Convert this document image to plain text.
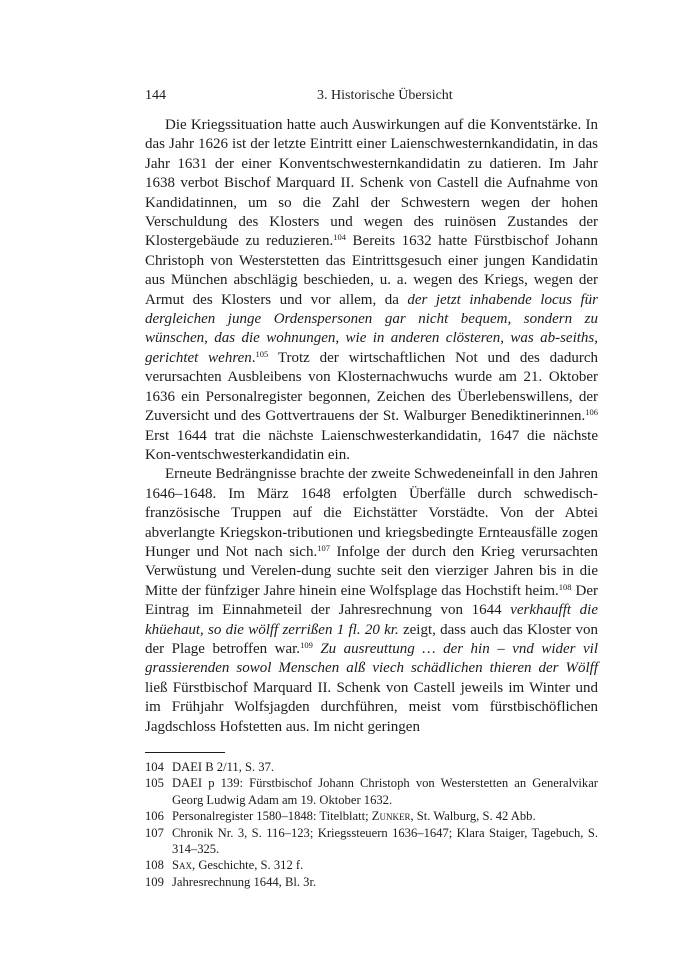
144	3. Historische Übersicht

Die Kriegssituation hatte auch Auswirkungen auf die Konventstärke. In das Jahr 1626 ist der letzte Eintritt einer Laienschwesternkandidatin, in das Jahr 1631 der einer Konventschwesternkandidatin zu datieren. Im Jahr 1638 verbot Bischof Marquard II. Schenk von Castell die Aufnahme von Kandidatinnen, um so die Zahl der Schwestern wegen der hohen Verschuldung des Klosters und wegen des ruinösen Zustandes der Klostergebäude zu reduzieren.$^{104}$ Bereits 1632 hatte Fürstbischof Johann Christoph von Westerstetten das Eintrittsgesuch einer jungen Kandidatin aus München abschlägig beschieden, u. a. wegen des Kriegs, wegen der Armut des Klosters und vor allem, da der jetzt inhabende locus für dergleichen junge Ordenspersonen gar nicht bequem, sondern zu wünschen, das die wohnungen, wie in anderen clösteren, was ab-seiths, gerichtet wehren.$^{105}$ Trotz der wirtschaftlichen Not und des dadurch verursachten Ausbleibens von Klosternachwuchs wurde am 21. Oktober 1636 ein Personalregister begonnen, Zeichen des Überlebenswillens, der Zuversicht und des Gottvertrauens der St. Walburger Benediktinerinnen.$^{106}$ Erst 1644 trat die nächste Laienschwesterkandidatin, 1647 die nächste Kon-ventschwesterkandidatin ein.

Erneute Bedrängnisse brachte der zweite Schwedeneinfall in den Jahren 1646–1648. Im März 1648 erfolgten Überfälle durch schwedisch-französische Truppen auf die Eichstätter Vorstädte. Von der Abtei abverlangte Kriegskon-tributionen und kriegsbedingte Ernteausfälle zogen Hunger und Not nach sich.$^{107}$ Infolge der durch den Krieg verursachten Verwüstung und Verelen-dung suchte seit den vierziger Jahren bis in die Mitte der fünfziger Jahre hinein eine Wolfsplage das Hochstift heim.$^{108}$ Der Eintrag im Einnahmeteil der Jahresrechnung von 1644 verkhaufft die khüehaut, so die wölff zerrißen 1 fl. 20 kr. zeigt, dass auch das Kloster von der Plage betroffen war.$^{109}$ Zu ausreuttung … der hin – vnd wider vil grassierenden sowol Menschen alß viech schädlichen thieren der Wölff ließ Fürstbischof Marquard II. Schenk von Castell jeweils im Winter und im Frühjahr Wolfsjagden durchführen, meist vom fürstbischöflichen Jagdschloss Hofstetten aus. Im nicht geringen

104 DAEI B 2/11, S. 37.
105 DAEI p 139: Fürstbischof Johann Christoph von Westerstetten an Generalvikar Georg Ludwig Adam am 19. Oktober 1632.
106 Personalregister 1580–1848: Titelblatt; Zunker, St. Walburg, S. 42 Abb.
107 Chronik Nr. 3, S. 116–123; Kriegssteuern 1636–1647; Klara Staiger, Tagebuch, S. 314–325.
108 Sax, Geschichte, S. 312 f.
109 Jahresrechnung 1644, Bl. 3r.
